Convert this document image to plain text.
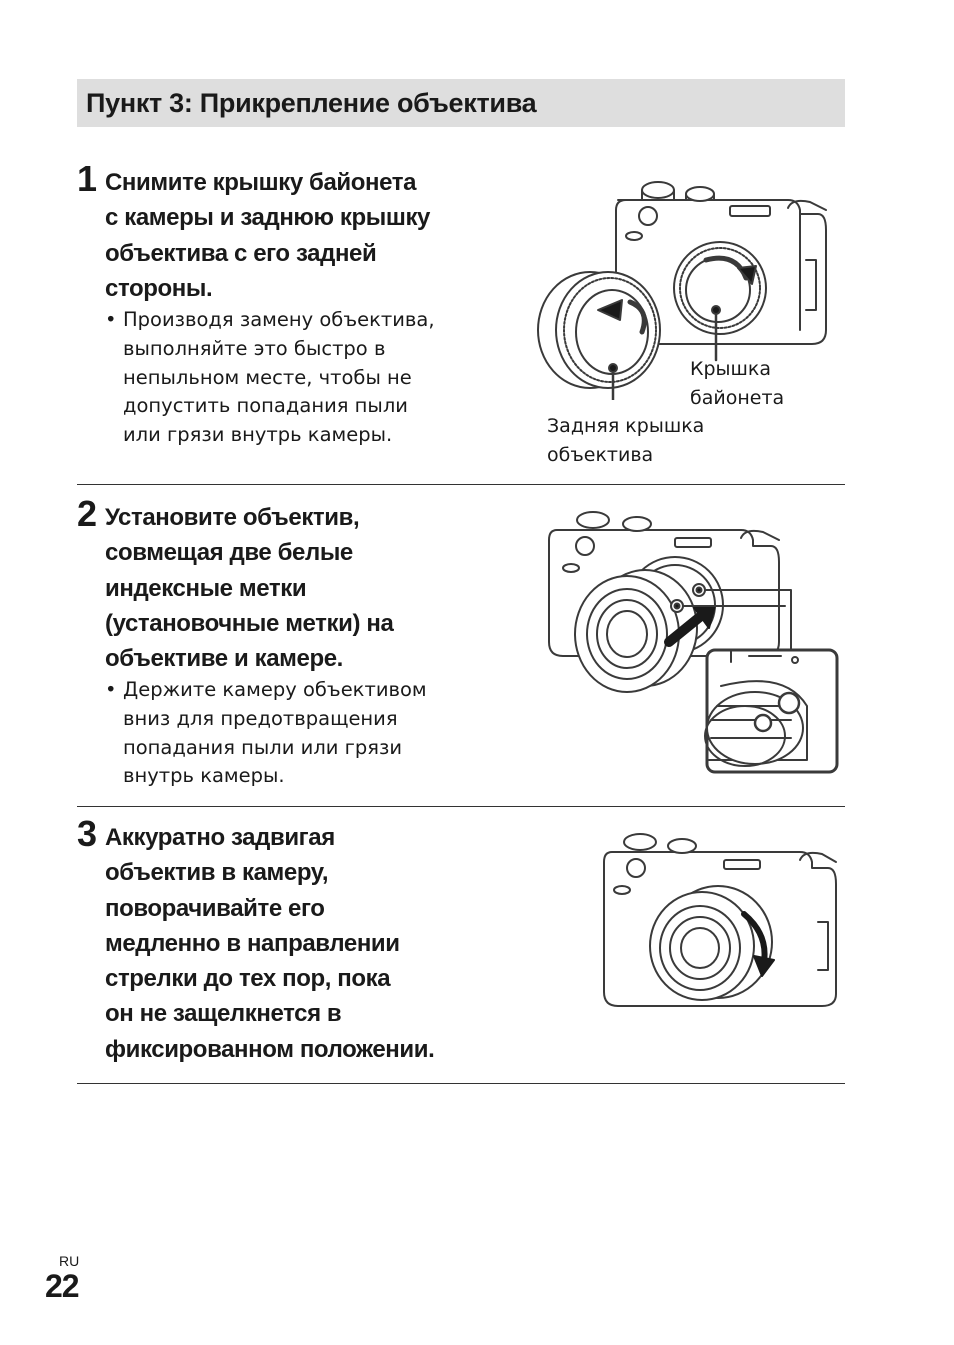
Пункт 3: Прикрепление объектива
1 Снимите крышку байонета
с камеры и заднюю крышку
объектива с его задней
стороны.
• Производя замену объектива,
выполняйте это быстро в
непыльном месте, чтобы не
допустить попадания пыли
или грязи внутрь камеры.
Крышка
байонета
Задняя крышка
объектива
2 Установите объектив,
совмещая две белые
индексные метки
(установочные метки) на
объективе и камере.
• Держите камеру объективом
вниз для предотвращения
попадания пыли или грязи
внутрь камеры.
3 Аккуратно задвигая
объектив в камеру,
поворачивайте его
медленно в направлении
стрелки до тех пор, пока
он не защелкнется в
фиксированном положении.
RU
22
